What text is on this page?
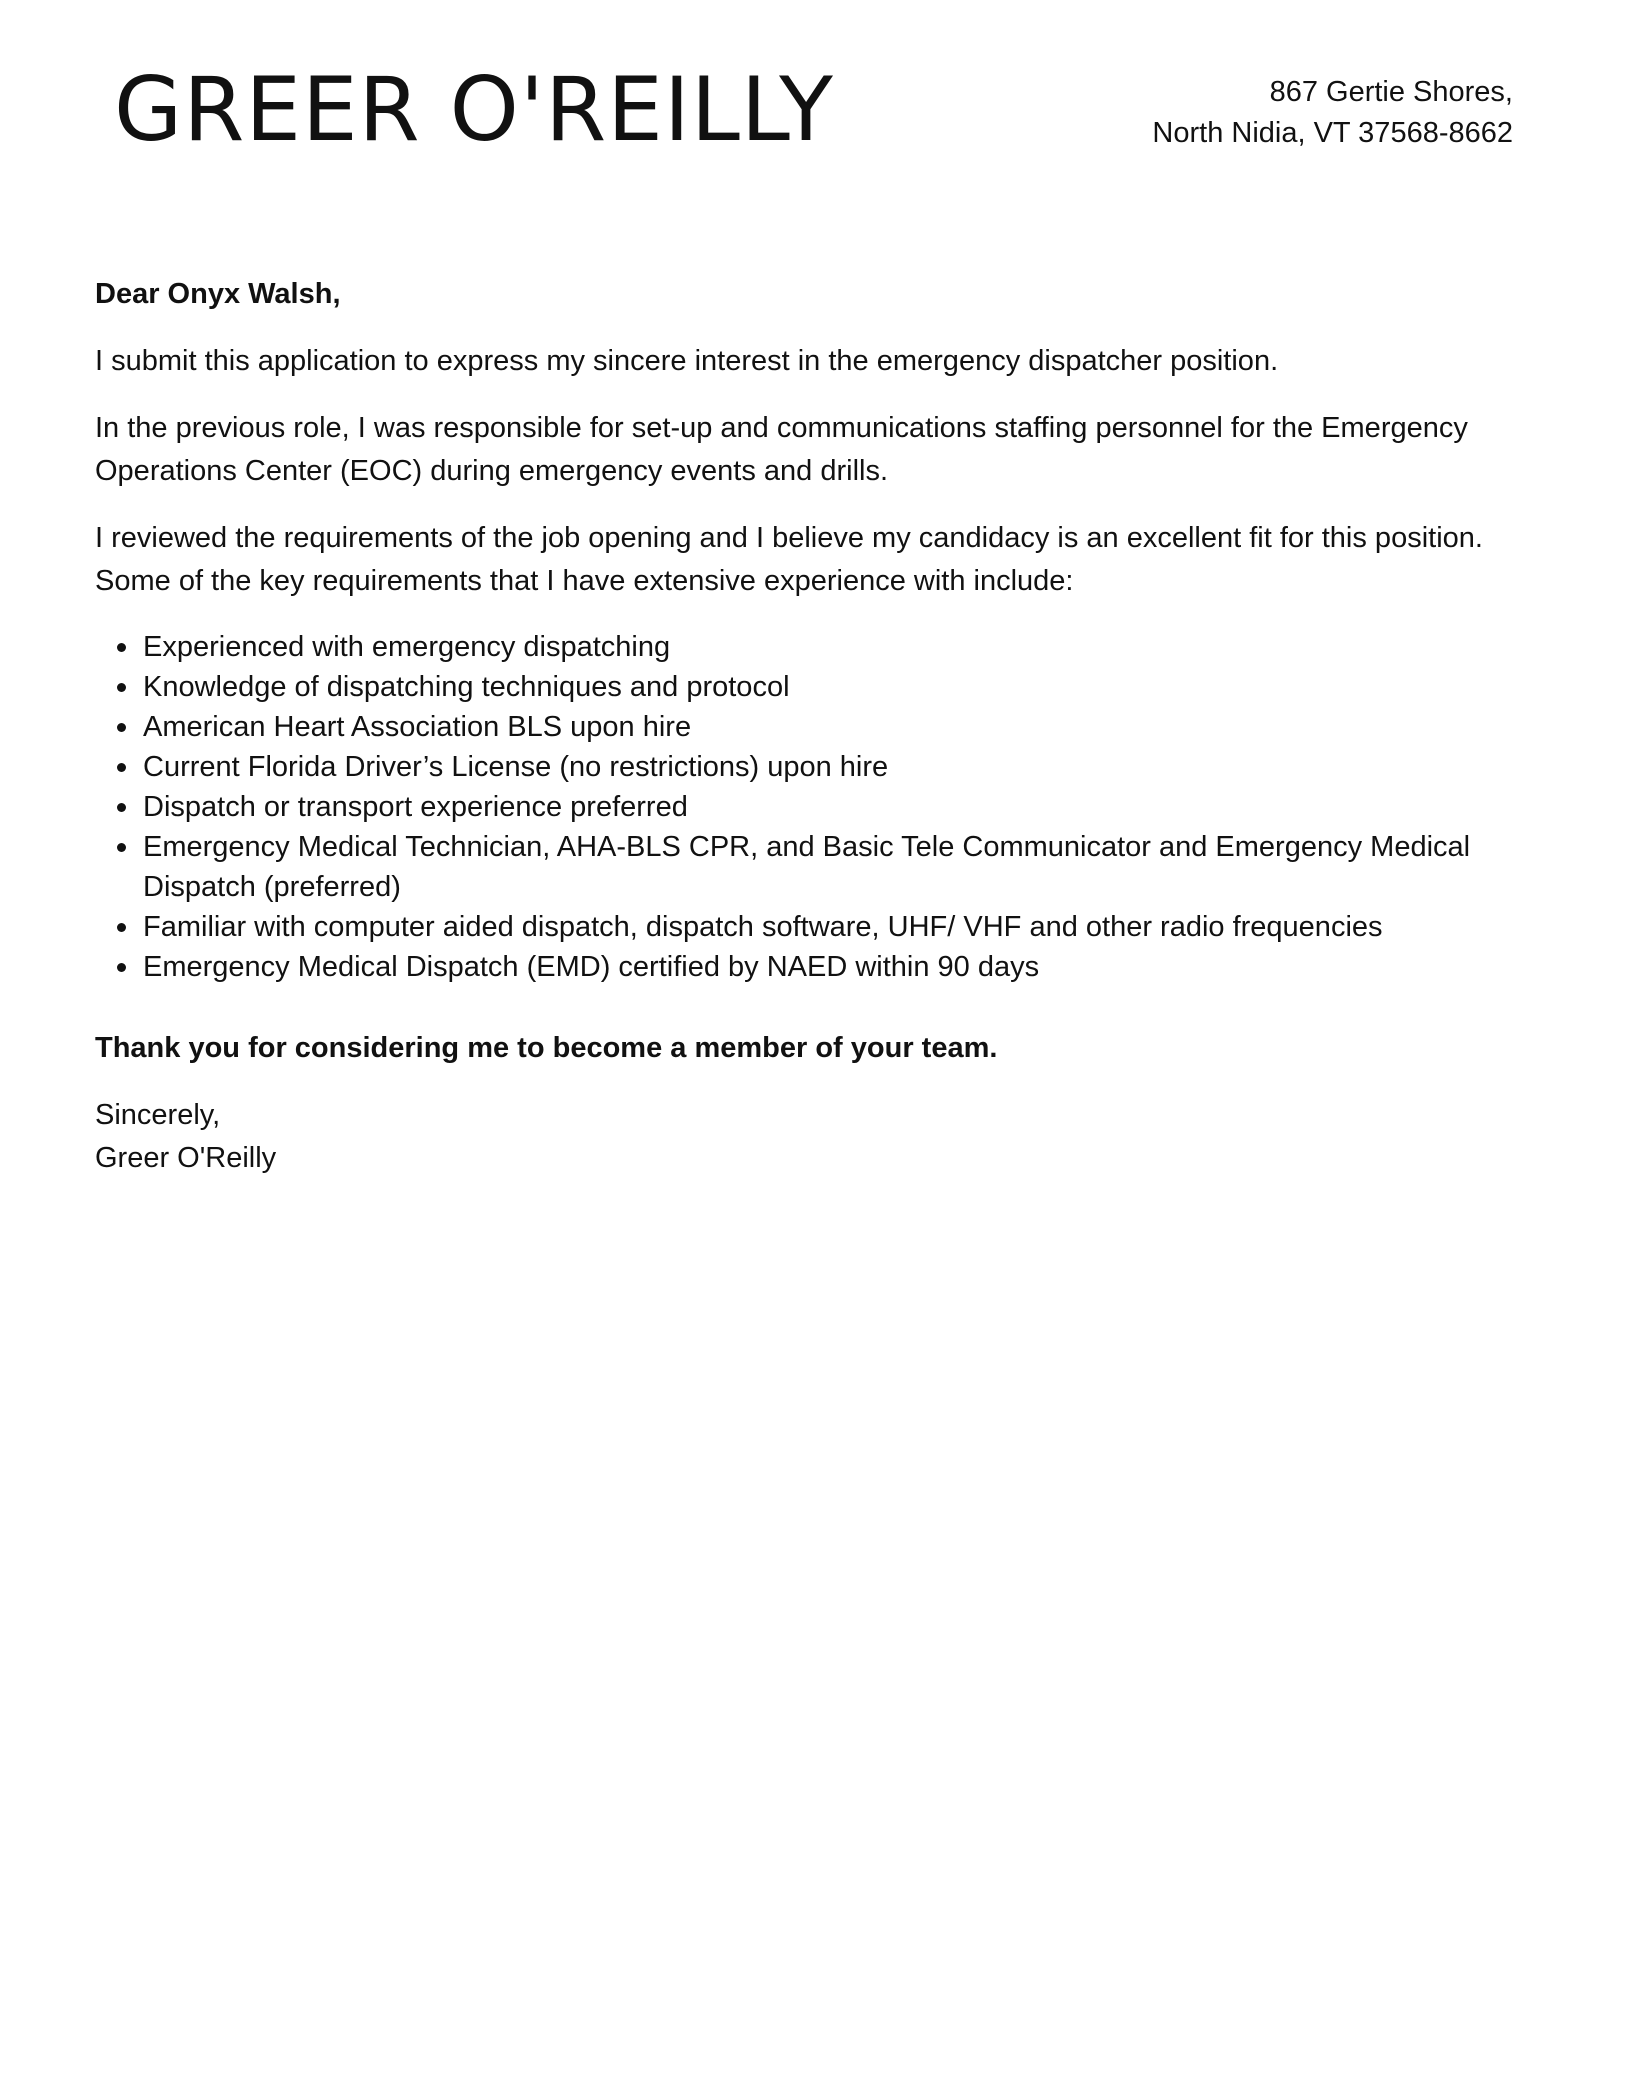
GREER O'REILLY	867 Gertie Shores,
North Nidia, VT 37568-8662

Dear Onyx Walsh,

I submit this application to express my sincere interest in the emergency dispatcher position.

In the previous role, I was responsible for set-up and communications staffing personnel for the Emergency Operations Center (EOC) during emergency events and drills.

I reviewed the requirements of the job opening and I believe my candidacy is an excellent fit for this position. Some of the key requirements that I have extensive experience with include:

Experienced with emergency dispatching
Knowledge of dispatching techniques and protocol
American Heart Association BLS upon hire
Current Florida Driver’s License (no restrictions) upon hire
Dispatch or transport experience preferred
Emergency Medical Technician, AHA-BLS CPR, and Basic Tele Communicator and Emergency Medical Dispatch (preferred)
Familiar with computer aided dispatch, dispatch software, UHF/ VHF and other radio frequencies
Emergency Medical Dispatch (EMD) certified by NAED within 90 days

Thank you for considering me to become a member of your team.

Sincerely,
Greer O'Reilly
